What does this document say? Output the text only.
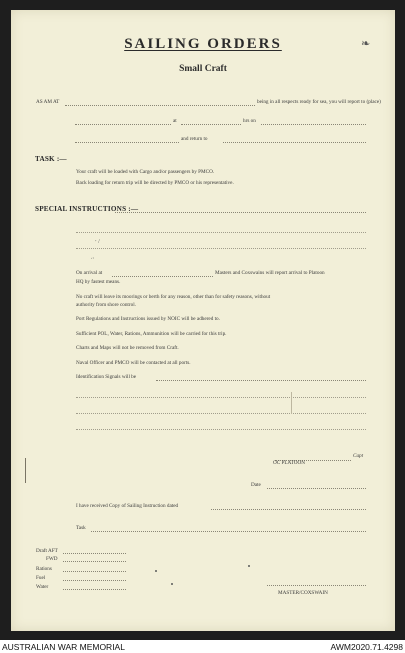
SAILING ORDERS
Small Craft
❧
AS AM AT	being in all respects ready for sea, you will report to (place)
at	hrs on
and return to
TASK :—
Your craft will be loaded with Cargo and/or passengers by PMCO.
Back loading for return trip will be directed by PMCO or his representative.
SPECIAL INSTRUCTIONS :—
⸱ /
ʻʼ
On arrival at	Masters and Coxswains will report arrival to Platoon
HQ by fastest means.
No craft will leave its moorings or berth for any reason, other than for safety reasons, without
authority from shore control.
Port Regulations and Instructions issued by NOIC will be adhered to.
Sufficient POL, Water, Rations, Ammunition will be carried for this trip.
Charts and Maps will not be removed from Craft.
Naval Officer and PMCO will be contacted at all ports.
Identification Signals will be
Capt
OC PLATOON
Date
I have received Copy of Sailing Instruction dated
Task
Draft AFT
FWD
Rations
Fuel
Water
MASTER/COXSWAIN
AUSTRALIAN WAR MEMORIAL	AWM2020.71.4298
